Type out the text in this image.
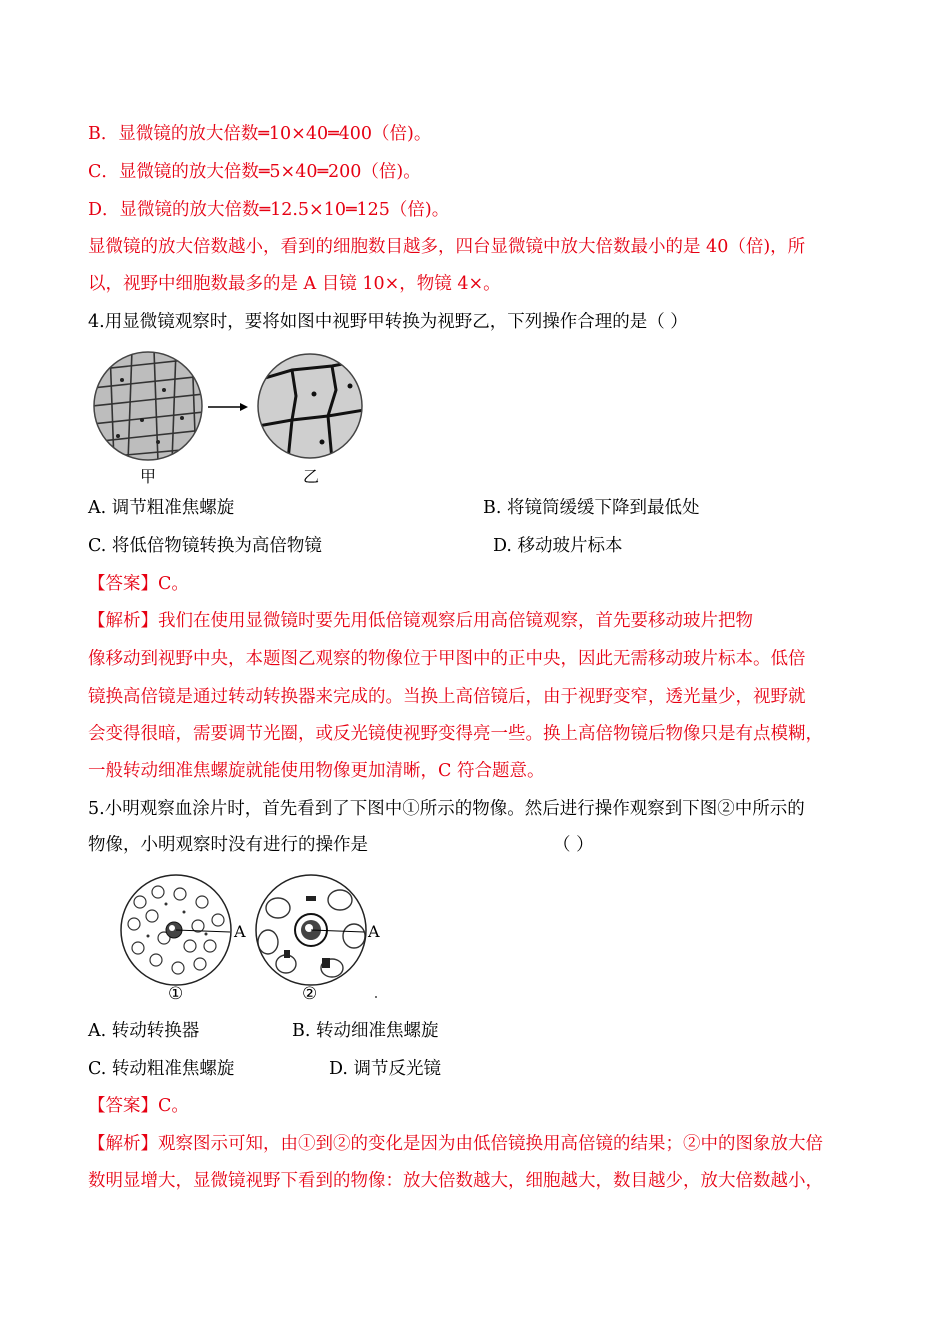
B．显微镜的放大倍数═10×40═400（倍)。
C．显微镜的放大倍数═5×40═200（倍)。
D．显微镜的放大倍数═12.5×10═125（倍)。
显微镜的放大倍数越小，看到的细胞数目越多，四台显微镜中放大倍数最小的是 40（倍)，所
以，视野中细胞数最多的是 A 目镜 10×，物镜 4×。
4.用显微镜观察时，要将如图中视野甲转换为视野乙，下列操作合理的是（ ）
甲	乙
A. 调节粗准焦螺旋	B. 将镜筒缓缓下降到最低处
C. 将低倍物镜转换为高倍物镜	D. 移动玻片标本
【答案】C。
【解析】我们在使用显微镜时要先用低倍镜观察后用高倍镜观察，首先要移动玻片把物
像移动到视野中央，本题图乙观察的物像位于甲图中的正中央，因此无需移动玻片标本。低倍
镜换高倍镜是通过转动转换器来完成的。当换上高倍镜后，由于视野变窄，透光量少，视野就
会变得很暗，需要调节光圈，或反光镜使视野变得亮一些。换上高倍物镜后物像只是有点模糊，
一般转动细准焦螺旋就能使用物像更加清晰，C 符合题意。
5.小明观察血涂片时，首先看到了下图中①所示的物像。然后进行操作观察到下图②中所示的
物像，小明观察时没有进行的操作是	（ ）
A	A
①	②
A. 转动转换器	B. 转动细准焦螺旋
C. 转动粗准焦螺旋	D. 调节反光镜
【答案】C。
【解析】观察图示可知，由①到②的变化是因为由低倍镜换用高倍镜的结果；②中的图象放大倍
数明显增大，显微镜视野下看到的物像：放大倍数越大，细胞越大，数目越少，放大倍数越小，
